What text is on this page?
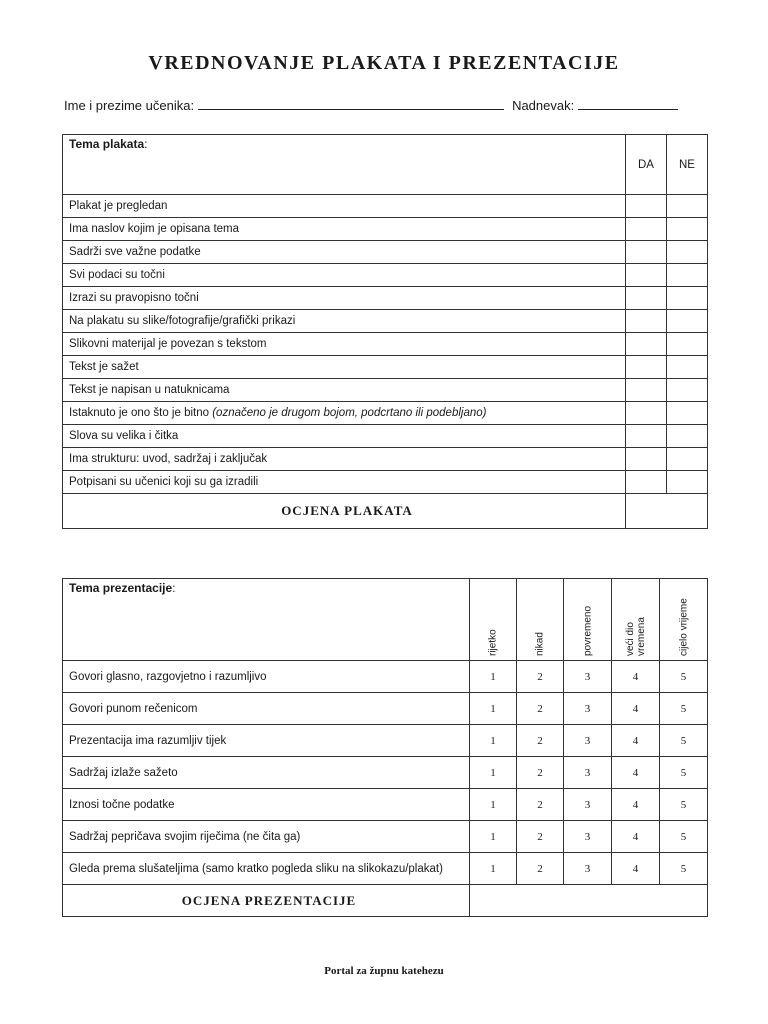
VREDNOVANJE PLAKATA I PREZENTACIJE
Ime i prezime učenika:	Nadnevak:
Tema plakata:	DA	NE
Plakat je pregledan		
Ima naslov kojim je opisana tema		
Sadrži sve važne podatke		
Svi podaci su točni		
Izrazi su pravopisno točni		
Na plakatu su slike/fotografije/grafički prikazi		
Slikovni materijal je povezan s tekstom		
Tekst je sažet		
Tekst je napisan u natuknicama		
Istaknuto je ono što je bitno (označeno je drugom bojom, podcrtano ili podebljano)		
Slova su velika i čitka		
Ima strukturu: uvod, sadržaj i zaključak		
Potpisani su učenici koji su ga izradili		
OCJENA PLAKATA		
Tema prezentacije:	rijetko	nikad	povremeno	veći dio vremena	cijelo vrijeme

Govori glasno, razgovjetno i razumljivo	1	2	3	4	5
Govori punom rečenicom	1	2	3	4	5
Prezentacija ima razumljiv tijek	1	2	3	4	5
Sadržaj izlaže sažeto	1	2	3	4	5
Iznosi točne podatke	1	2	3	4	5
Sadržaj pepričava svojim riječima (ne čita ga)	1	2	3	4	5
Gleda prema slušateljima (samo kratko pogleda sliku na slikokazu/plakat)	1	2	3	4	5
OCJENA PREZENTACIJE					
Portal za župnu katehezu
